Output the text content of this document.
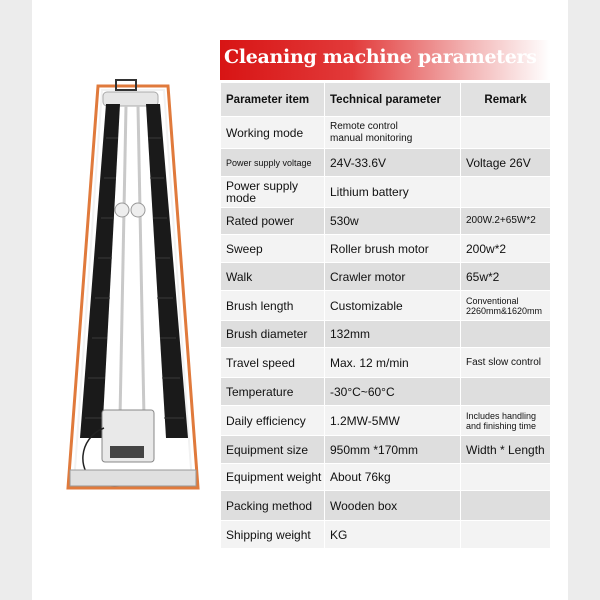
Cleaning machine parameters
Parameter item	Technical parameter	Remark
Working mode	Remote control
manual monitoring	
Power supply voltage	24V-33.6V	Voltage 26V
Power supply mode	Lithium battery	
Rated power	530w	200W.2+65W*2
Sweep	Roller brush motor	200w*2
Walk	Crawler motor	65w*2
Brush length	Customizable	Conventional
2260mm&1620mm
Brush diameter	132mm	
Travel speed	Max. 12 m/min	Fast slow control
Temperature	-30°C~60°C	
Daily efficiency	1.2MW-5MW	Includes handling
and finishing time
Equipment size	950mm *170mm	Width * Length
Equipment weight	About 76kg	
Packing method	Wooden box	
Shipping weight	KG	
